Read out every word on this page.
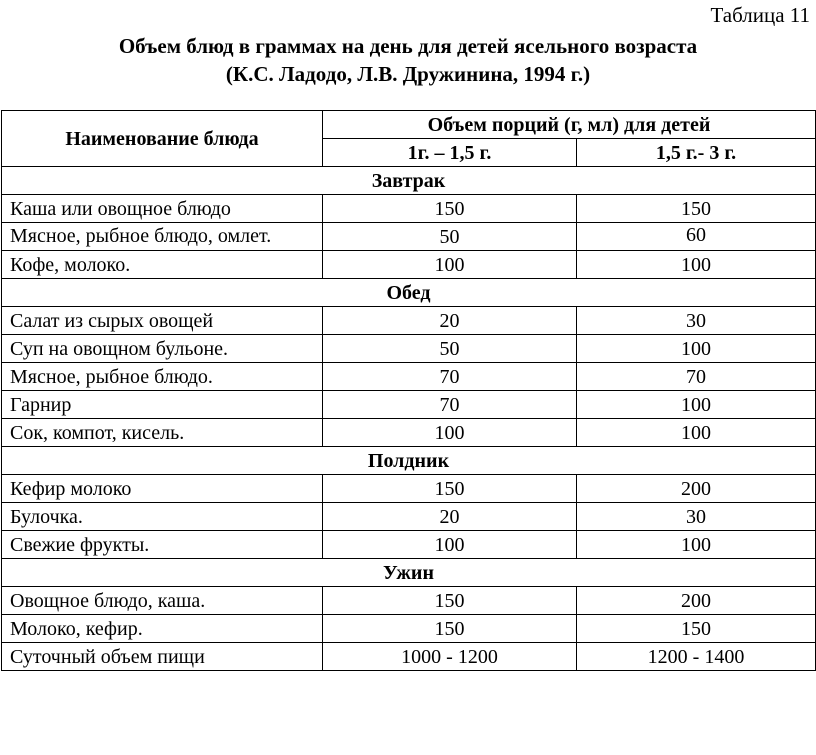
Таблица 11
Объем блюд в граммах на день для детей ясельного возраста
(К.С. Ладодо, Л.В. Дружинина, 1994 г.)
Наименование блюда	Объем порций (г, мл) для детей	
	1г. – 1,5 г.	1,5 г.- 3 г.
Завтрак		
Каша или овощное блюдо	150	150
Мясное, рыбное блюдо, омлет.	50	60
Кофе, молоко.	100	100
Обед		
Салат из сырых овощей	20	30
Суп на овощном бульоне.	50	100
Мясное, рыбное блюдо.	70	70
Гарнир	70	100
Сок, компот, кисель.	100	100
Полдник		
Кефир молоко	150	200
Булочка.	20	30
Свежие фрукты.	100	100
Ужин		
Овощное блюдо, каша.	150	200
Молоко, кефир.	150	150
Суточный объем пищи	1000 - 1200	1200 - 1400
